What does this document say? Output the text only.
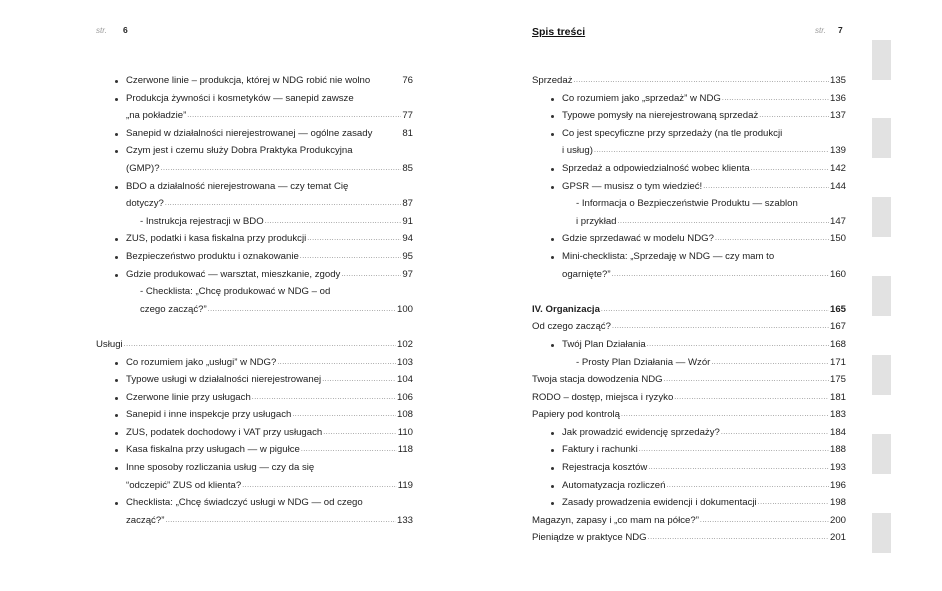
str. 6
Czerwone linie – produkcja, której w NDG robić nie wolno	76
Produkcja żywności i kosmetyków — sanepid zawsze
„na pokładzie” .....	77
Sanepid w działalności nierejestrowanej — ogólne zasady	81
Czym jest i czemu służy Dobra Praktyka Produkcyjna
(GMP)? .....	85
BDO a działalność nierejestrowana — czy temat Cię
dotyczy? .....	87
- Instrukcja rejestracji w BDO .....	91
ZUS, podatki i kasa fiskalna przy produkcji .....	94
Bezpieczeństwo produktu i oznakowanie .....	95
Gdzie produkować — warsztat, mieszkanie, zgody .....	97
- Checklista: „Chcę produkować w NDG – od
czego zacząć?” .....	100
Usługi .....	102
Co rozumiem jako „usługi” w NDG? .....	103
Typowe usługi w działalności nierejestrowanej .....	104
Czerwone linie przy usługach .....	106
Sanepid i inne inspekcje przy usługach .....	108
ZUS, podatek dochodowy i VAT przy usługach .....	110
Kasa fiskalna przy usługach — w pigułce .....	118
Inne sposoby rozliczania usług — czy da się
“odczepić” ZUS od klienta? .....	119
Checklista: „Chcę świadczyć usługi w NDG — od czego
zacząć?” .....	133
Spis treści	str. 7
Sprzedaż .....	135
Co rozumiem jako „sprzedaż” w NDG .....	136
Typowe pomysły na nierejestrowaną sprzedaż .....	137
Co jest specyficzne przy sprzedaży (na tle produkcji
i usług) .....	139
Sprzedaż a odpowiedzialność wobec klienta .....	142
GPSR — musisz o tym wiedzieć! .....	144
- Informacja o Bezpieczeństwie Produktu — szablon
i przykład .....	147
Gdzie sprzedawać w modelu NDG? .....	150
Mini-checklista: „Sprzedaję w NDG — czy mam to
ogarnięte?” .....	160
IV. Organizacja .....	165
Od czego zacząć? .....	167
Twój Plan Działania .....	168
- Prosty Plan Działania — Wzór .....	171
Twoja stacja dowodzenia NDG .....	175
RODO – dostęp, miejsca i ryzyko .....	181
Papiery pod kontrolą .....	183
Jak prowadzić ewidencję sprzedaży? .....	184
Faktury i rachunki .....	188
Rejestracja kosztów .....	193
Automatyzacja rozliczeń .....	196
Zasady prowadzenia ewidencji i dokumentacji .....	198
Magazyn, zapasy i „co mam na półce?” .....	200
Pieniądze w praktyce NDG .....	201
